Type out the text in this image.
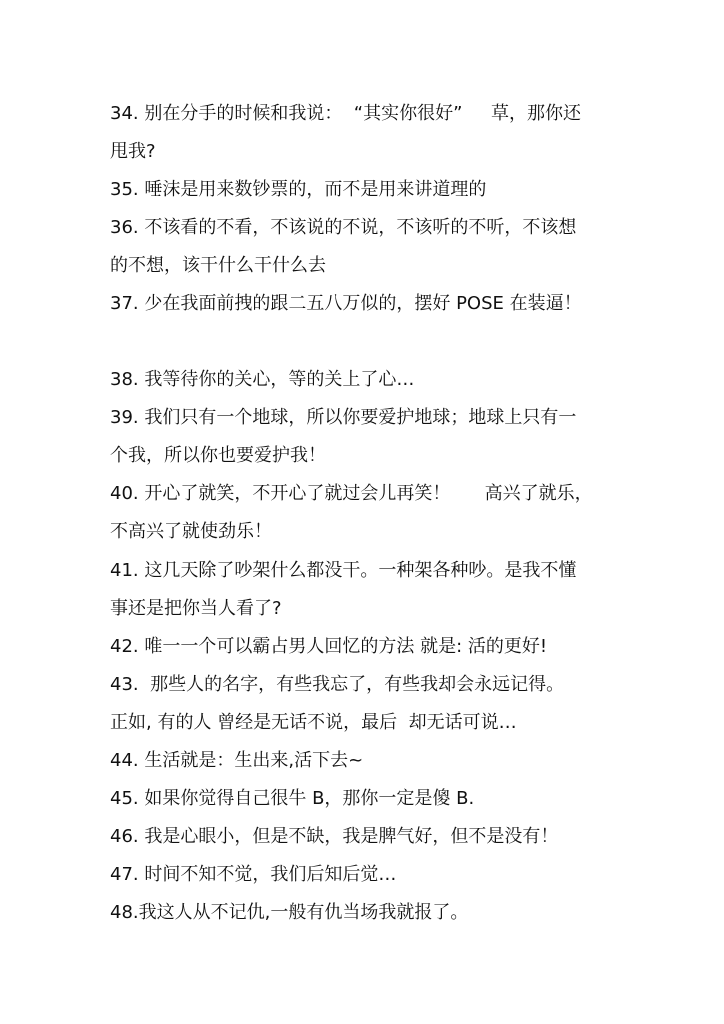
34. 别在分手的时候和我说：  “其实你很好”     草，那你还
甩我?
35. 唾沫是用来数钞票的，而不是用来讲道理的
36. 不该看的不看，不该说的不说，不该听的不听，不该想
的不想，该干什么干什么去
37. 少在我面前拽的跟二五八万似的，摆好 POSE 在装逼！
38. 我等待你的关心，等的关上了心…
39. 我们只有一个地球，所以你要爱护地球；地球上只有一
个我，所以你也要爱护我！
40. 开心了就笑，不开心了就过会儿再笑！      高兴了就乐，
不高兴了就使劲乐！
41. 这几天除了吵架什么都没干。一种架各种吵。是我不懂
事还是把你当人看了?
42. 唯一一个可以霸占男人回忆的方法 就是: 活的更好!
43.  那些人的名字，有些我忘了，有些我却会永远记得。
正如, 有的人 曾经是无话不说，最后  却无话可说…
44. 生活就是：生出来,活下去~
45. 如果你觉得自己很牛 B，那你一定是傻 B.
46. 我是心眼小，但是不缺，我是脾气好，但不是没有！
47. 时间不知不觉，我们后知后觉…
48.我这人从不记仇,一般有仇当场我就报了。
